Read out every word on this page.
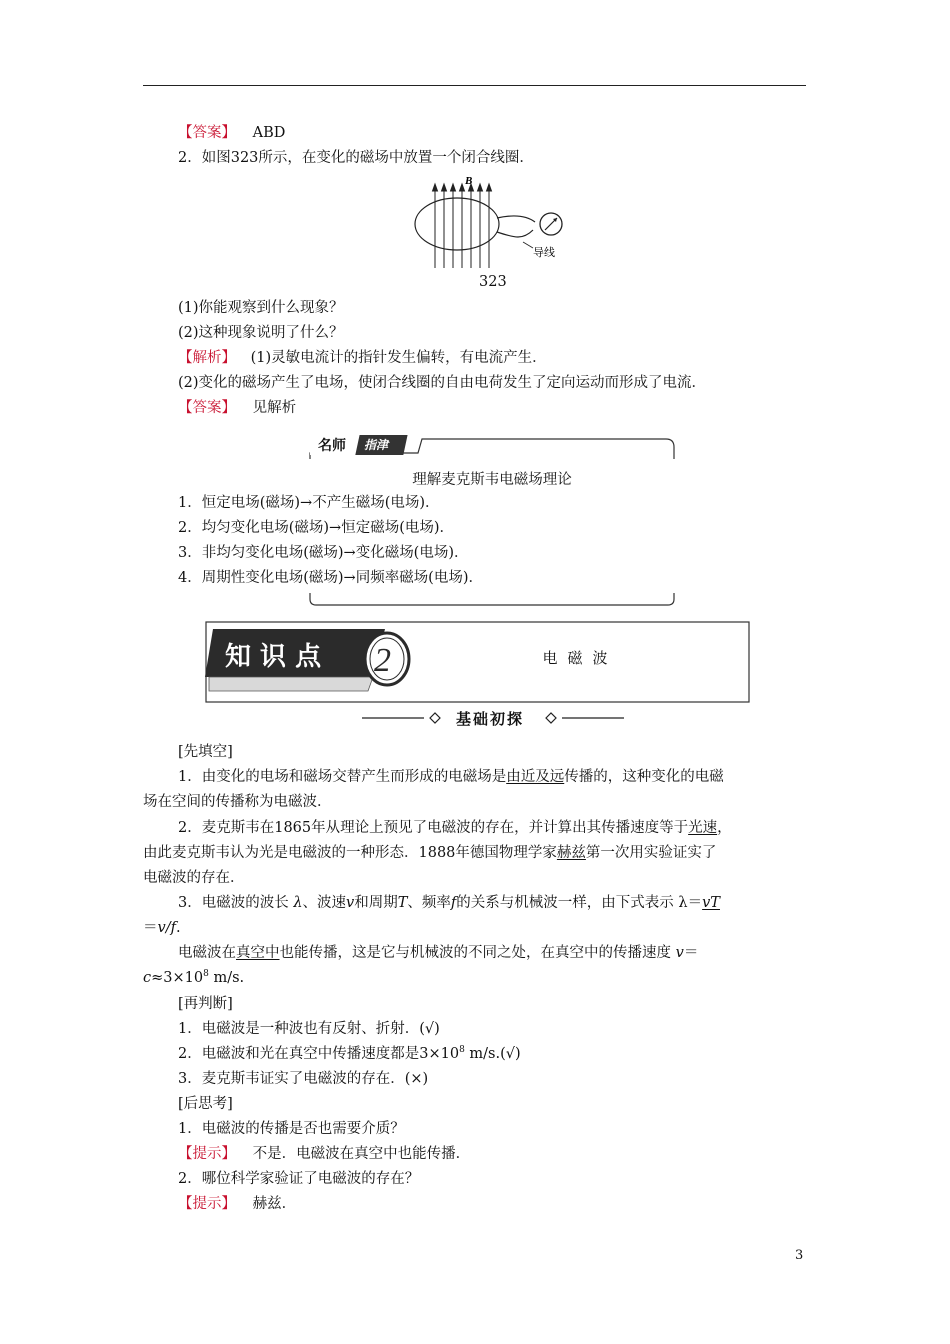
【答案】 ABD
2．如图323所示，在变化的磁场中放置一个闭合线圈．
B
导线
323
(1)你能观察到什么现象？
(2)这种现象说明了什么？
【解析】 (1)灵敏电流计的指针发生偏转，有电流产生．
(2)变化的磁场产生了电场，使闭合线圈的自由电荷发生了定向运动而形成了电流．
【答案】 见解析
名师 指津
理解麦克斯韦电磁场理论
1．恒定电场(磁场)→不产生磁场(电场)．
2．均匀变化电场(磁场)→恒定磁场(电场)．
3．非均匀变化电场(磁场)→变化磁场(电场)．
4．周期性变化电场(磁场)→同频率磁场(电场)．
知 识 点 2	电磁波
基础初探
[先填空]
1．由变化的电场和磁场交替产生而形成的电磁场是由近及远传播的，这种变化的电磁
场在空间的传播称为电磁波．
2．麦克斯韦在1865年从理论上预见了电磁波的存在，并计算出其传播速度等于光速，
由此麦克斯韦认为光是电磁波的一种形态．1888年德国物理学家赫兹第一次用实验证实了
电磁波的存在．
3．电磁波的波长 λ、波速v和周期T、频率f的关系与机械波一样，由下式表示 λ＝vT
＝v/f.
电磁波在真空中也能传播，这是它与机械波的不同之处，在真空中的传播速度 v＝
$c\approx 3\times 10^8$ m/s.
[再判断]
1．电磁波是一种波也有反射、折射．(√)
2．电磁波和光在真空中传播速度都是$3\times 10^8$ m/s.(√)
3．麦克斯韦证实了电磁波的存在．(×)
[后思考]
1．电磁波的传播是否也需要介质？
【提示】 不是．电磁波在真空中也能传播．
2．哪位科学家验证了电磁波的存在？
【提示】 赫兹．
3
